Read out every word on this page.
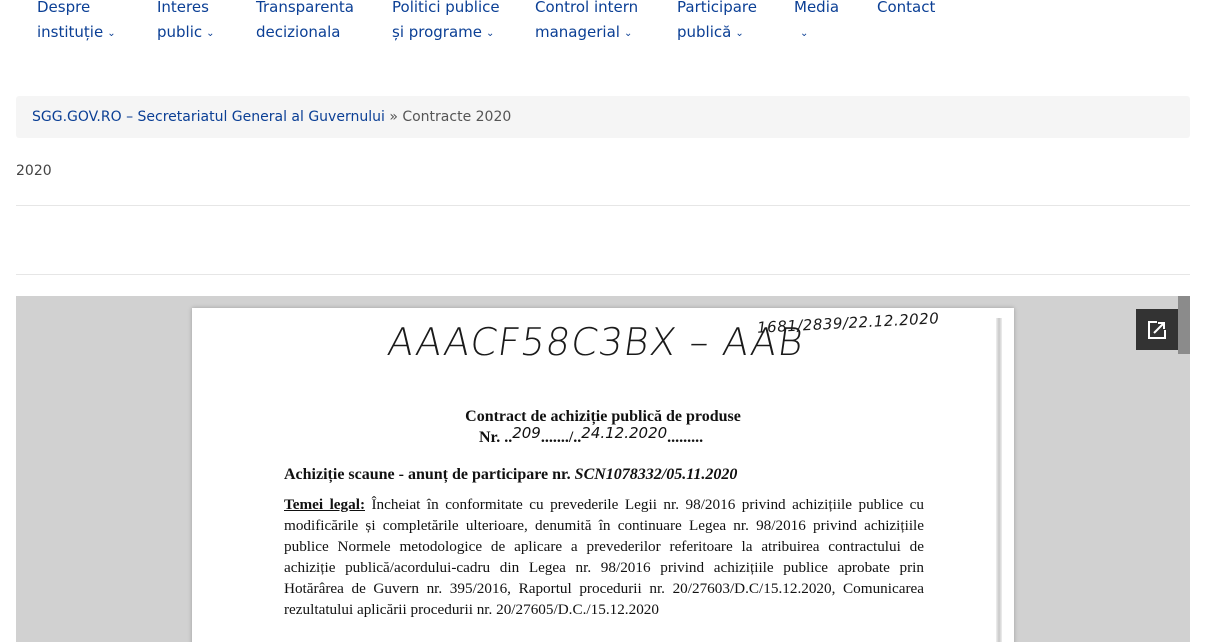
Despre
instituție ⌄
Interes
public ⌄
Transparenta
decizionala
Politici publice
și programe ⌄
Control intern
managerial ⌄
Participare
publică ⌄
Media
⌄
Contact
SGG.GOV.RO – Secretariatul General al Guvernului » Contracte 2020
2020
AAACF58C3BX – AAB
1681/2839/22.12.2020
Contract de achiziție publică de produse
Nr. ..209......./..24.12.2020.........
Achiziție scaune - anunț de participare nr. SCN1078332/05.11.2020
Temei legal: Încheiat în conformitate cu prevederile Legii nr. 98/2016 privind achizițiile publice cu modificările și completările ulterioare, denumită în continuare Legea nr. 98/2016 privind achizițiile publice Normele metodologice de aplicare a prevederilor referitoare la atribuirea contractului de achiziție publică/acordului-cadru din Legea nr. 98/2016 privind achizițiile publice aprobate prin Hotărârea de Guvern nr. 395/2016, Raportul procedurii nr. 20/27603/D.C/15.12.2020, Comunicarea rezultatului aplicării procedurii nr. 20/27605/D.C./15.12.2020
